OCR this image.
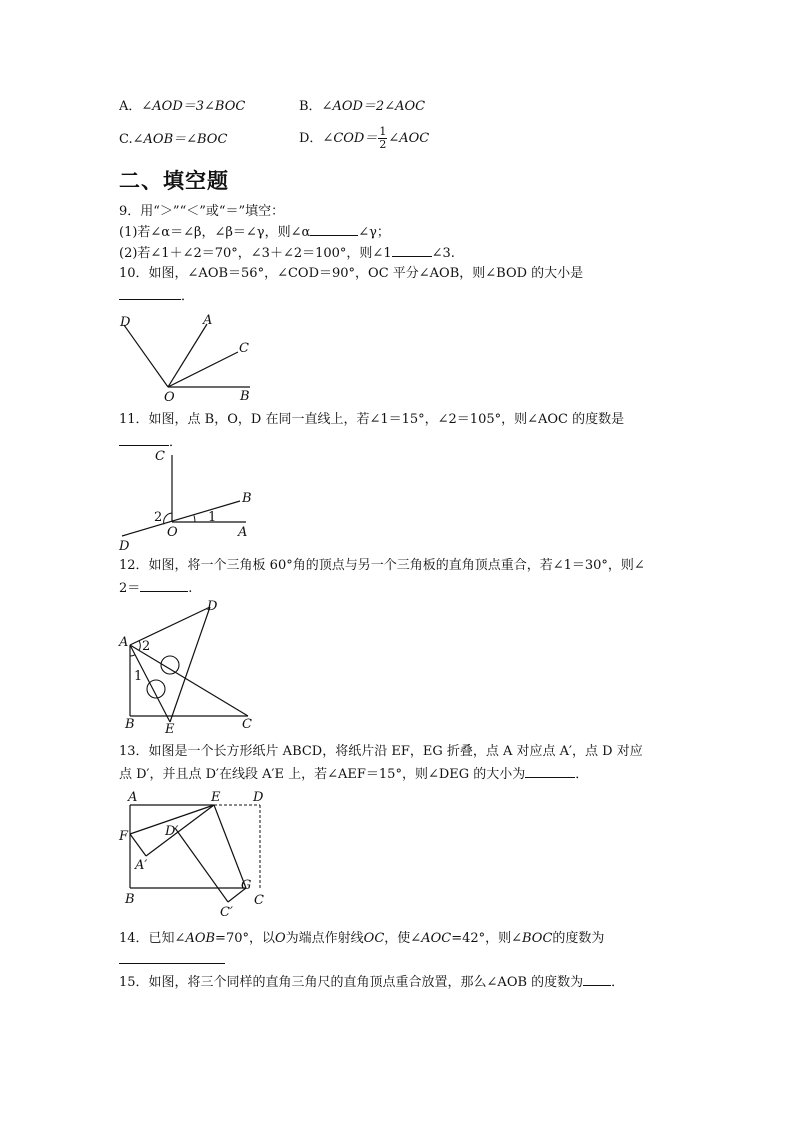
A．∠AOD＝3∠BOC	B．∠AOD＝2∠AOC
C.∠AOB＝∠BOC	D．∠COD＝ $\frac{1}{2}$ ∠AOC
二、填空题
9．用“＞”“＜”或“＝”填空：
(1)若∠α＝∠β，∠β＝∠γ，则∠α	∠γ；
(2)若∠1＋∠2＝70°，∠3＋∠2＝100°，则∠1	∠3.
10．如图，∠AOB＝56°，∠COD＝90°，OC 平分∠AOB，则∠BOD 的大小是
．
D	A
C
O	B
11．如图，点 B，O，D 在同一直线上，若∠1＝15°，∠2＝105°，则∠AOC 的度数是
．
C
B
2
O
1
A
D
12．如图，将一个三角板 60°角的顶点与另一个三角板的直角顶点重合，若∠1＝30°，则∠
2＝	.
D
A 2
1
B E	C
13．如图是一个长方形纸片 ABCD，将纸片沿 EF，EG 折叠，点 A 对应点 A′，点 D 对应
点 D′，并且点 D′在线段 A′E 上，若∠AEF＝15°，则∠DEG 的大小为	．
A	E	D
F	D′
A′
G
B
C′
C
14．已知∠AOB=70°，以O为端点作射线OC，使∠AOC=42°，则∠BOC的度数为
15．如图，将三个同样的直角三角尺的直角顶点重合放置，那么∠AOB 的度数为 ．
